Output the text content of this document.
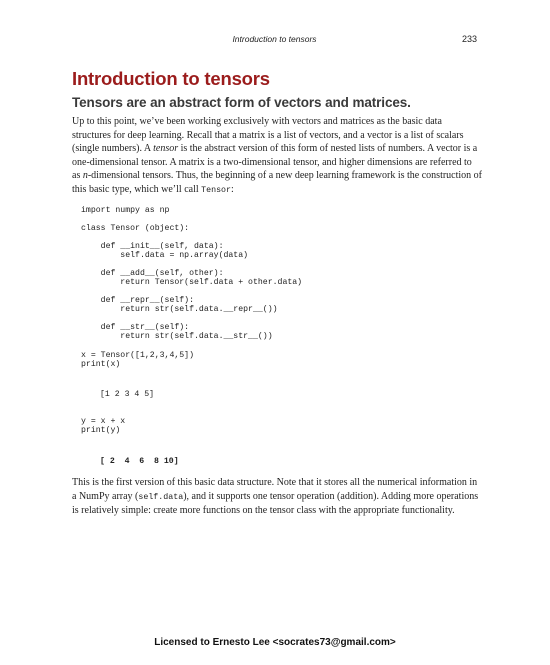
Introduction to tensors	233
Introduction to tensors
Tensors are an abstract form of vectors and matrices.

Up to this point, we’ve been working exclusively with vectors and matrices as the basic data structures for deep learning. Recall that a matrix is a list of vectors, and a vector is a list of scalars (single numbers). A tensor is the abstract version of this form of nested lists of numbers. A vector is a one-dimensional tensor. A matrix is a two-dimensional tensor, and higher dimensions are referred to as n-dimensional tensors. Thus, the beginning of a new deep learning framework is the construction of this basic type, which we’ll call Tensor:

import numpy as np
class Tensor (object):
def __init__(self, data):
self.data = np.array(data)
def __add__(self, other):
return Tensor(self.data + other.data)
def __repr__(self):
return str(self.data.__repr__())
def __str__(self):
return str(self.data.__str__())
x = Tensor([1,2,3,4,5])
print(x)
[1 2 3 4 5]
y = x + x
print(y)
[ 2  4  6  8 10]

This is the first version of this basic data structure. Note that it stores all the numerical information in a NumPy array (self.data), and it supports one tensor operation (addition). Adding more operations is relatively simple: create more functions on the tensor class with the appropriate functionality.

Licensed to Ernesto Lee <socrates73@gmail.com>
